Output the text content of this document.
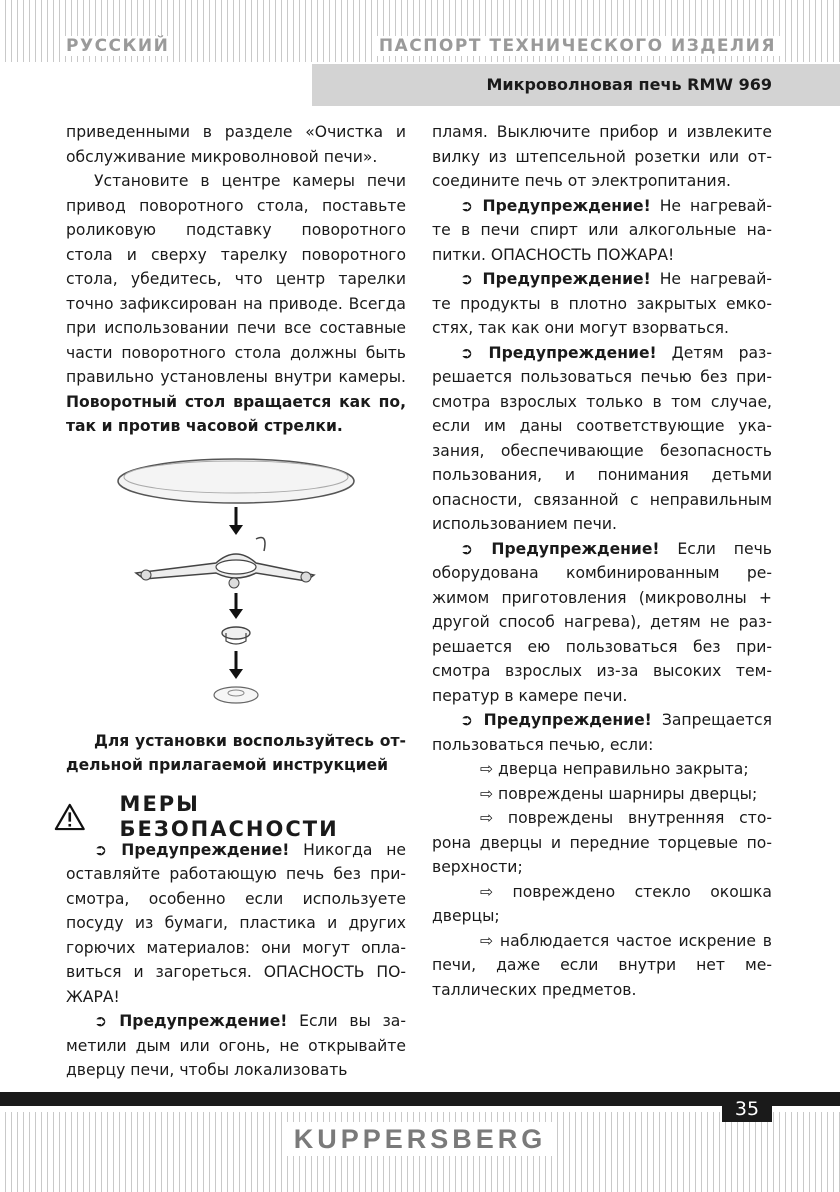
РУССКИЙ	ПАСПОРТ ТЕХНИЧЕСКОГО ИЗДЕЛИЯ
Микроволновая печь RMW 969

приведенными в разделе «Очистка и обслуживание микроволновой печи».

Установите в центре камеры печи привод поворотного стола, поставьте роликовую подставку поворотного стола и сверху тарелку поворотного стола, убедитесь, что центр тарелки точно зафиксирован на приводе. Всегда при использовании печи все составные части поворотного стола должны быть правильно установлены внутри камеры. Поворотный стол вращается как по, так и против часовой стрелки.

Для установки воспользуйтесь отдельной прилагаемой инструкцией

МЕРЫ БЕЗОПАСНОСТИ

➲ Предупреждение! Никогда не оставляйте работающую печь без присмотра, особенно если используете посуду из бумаги, пластика и других горючих материалов: они могут оплавиться и загореться. ОПАСНОСТЬ ПОЖАРА!

➲ Предупреждение! Если вы заметили дым или огонь, не открывайте дверцу печи, чтобы локализовать

пламя. Выключите прибор и извлеките вилку из штепсельной розетки или отсоедините печь от электропитания.

➲ Предупреждение! Не нагревайте в печи спирт или алкогольные напитки. ОПАСНОСТЬ ПОЖАРА!

➲ Предупреждение! Не нагревайте продукты в плотно закрытых емкостях, так как они могут взорваться.

➲ Предупреждение! Детям разрешается пользоваться печью без присмотра взрослых только в том случае, если им даны соответствующие указания, обеспечивающие безопасность пользования, и понимания детьми опасности, связанной с неправильным использованием печи.

➲ Предупреждение! Если печь оборудована комбинированным режимом приготовления (микроволны + другой способ нагрева), детям не разрешается ею пользоваться без присмотра взрослых из-за высоких температур в камере печи.

➲ Предупреждение! Запрещается пользоваться печью, если:

⇨ дверца неправильно закрыта;

⇨ повреждены шарниры дверцы;

⇨ повреждены внутренняя сторона дверцы и передние торцевые поверхности;

⇨ повреждено стекло окошка дверцы;

⇨ наблюдается частое искрение в печи, даже если внутри нет металлических предметов.

35
KUPPERSBERG
